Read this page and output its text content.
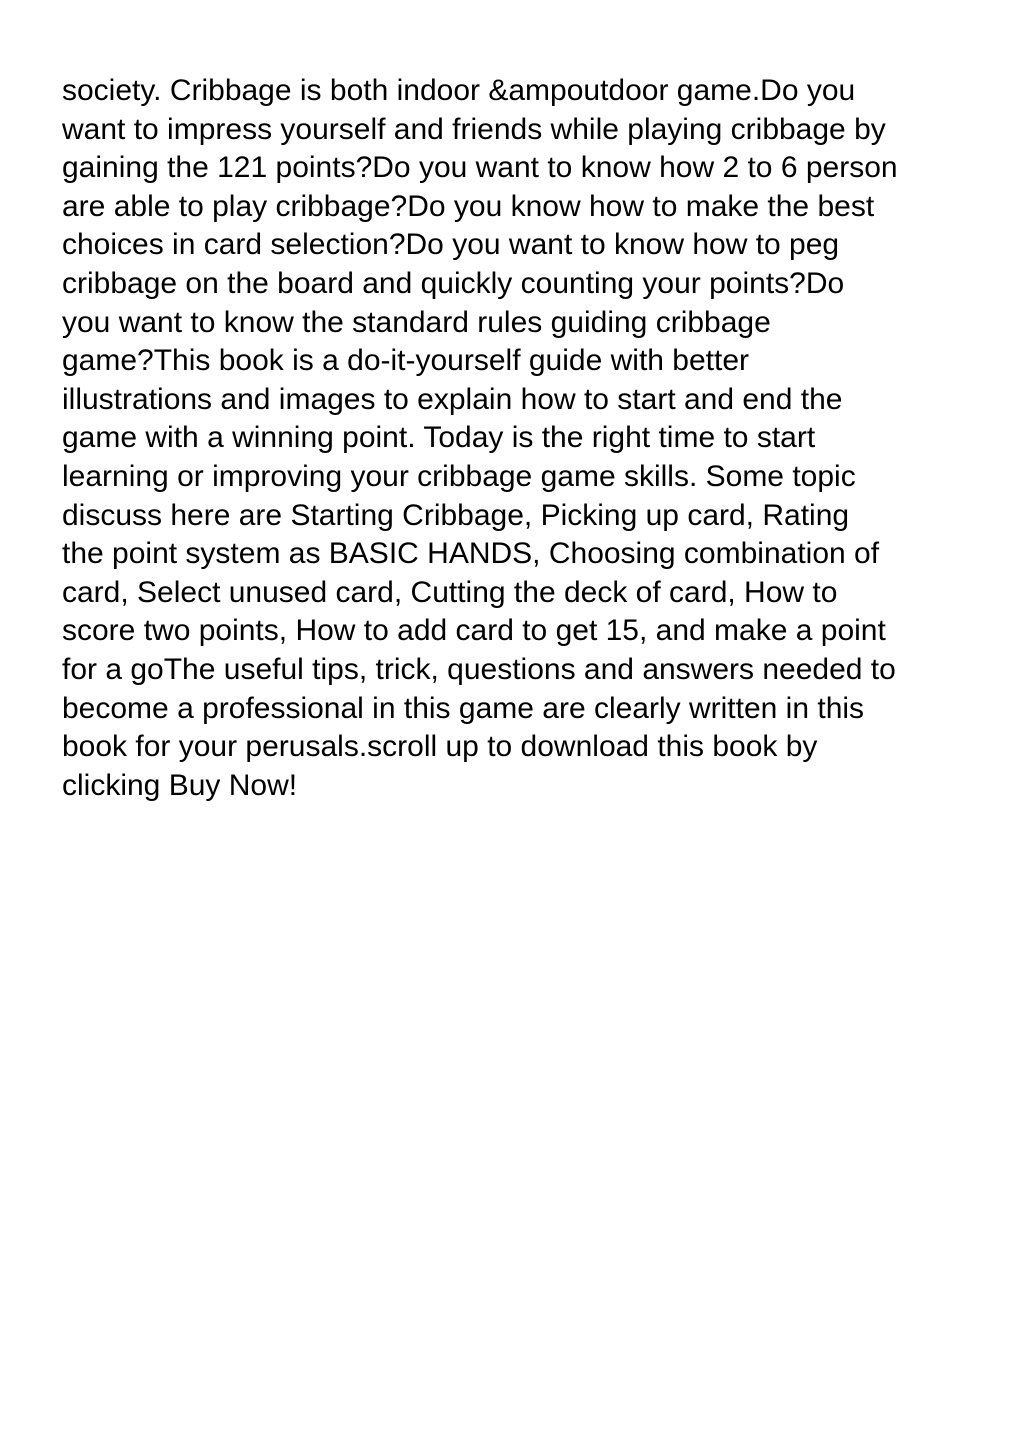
society. Cribbage is both indoor &ampoutdoor game.Do you
want to impress yourself and friends while playing cribbage by
gaining the 121 points?Do you want to know how 2 to 6 person
are able to play cribbage?Do you know how to make the best
choices in card selection?Do you want to know how to peg
cribbage on the board and quickly counting your points?Do
you want to know the standard rules guiding cribbage
game?This book is a do-it-yourself guide with better
illustrations and images to explain how to start and end the
game with a winning point. Today is the right time to start
learning or improving your cribbage game skills. Some topic
discuss here are Starting Cribbage, Picking up card, Rating
the point system as BASIC HANDS, Choosing combination of
card, Select unused card, Cutting the deck of card, How to
score two points, How to add card to get 15, and make a point
for a goThe useful tips, trick, questions and answers needed to
become a professional in this game are clearly written in this
book for your perusals.scroll up to download this book by
clicking Buy Now!
